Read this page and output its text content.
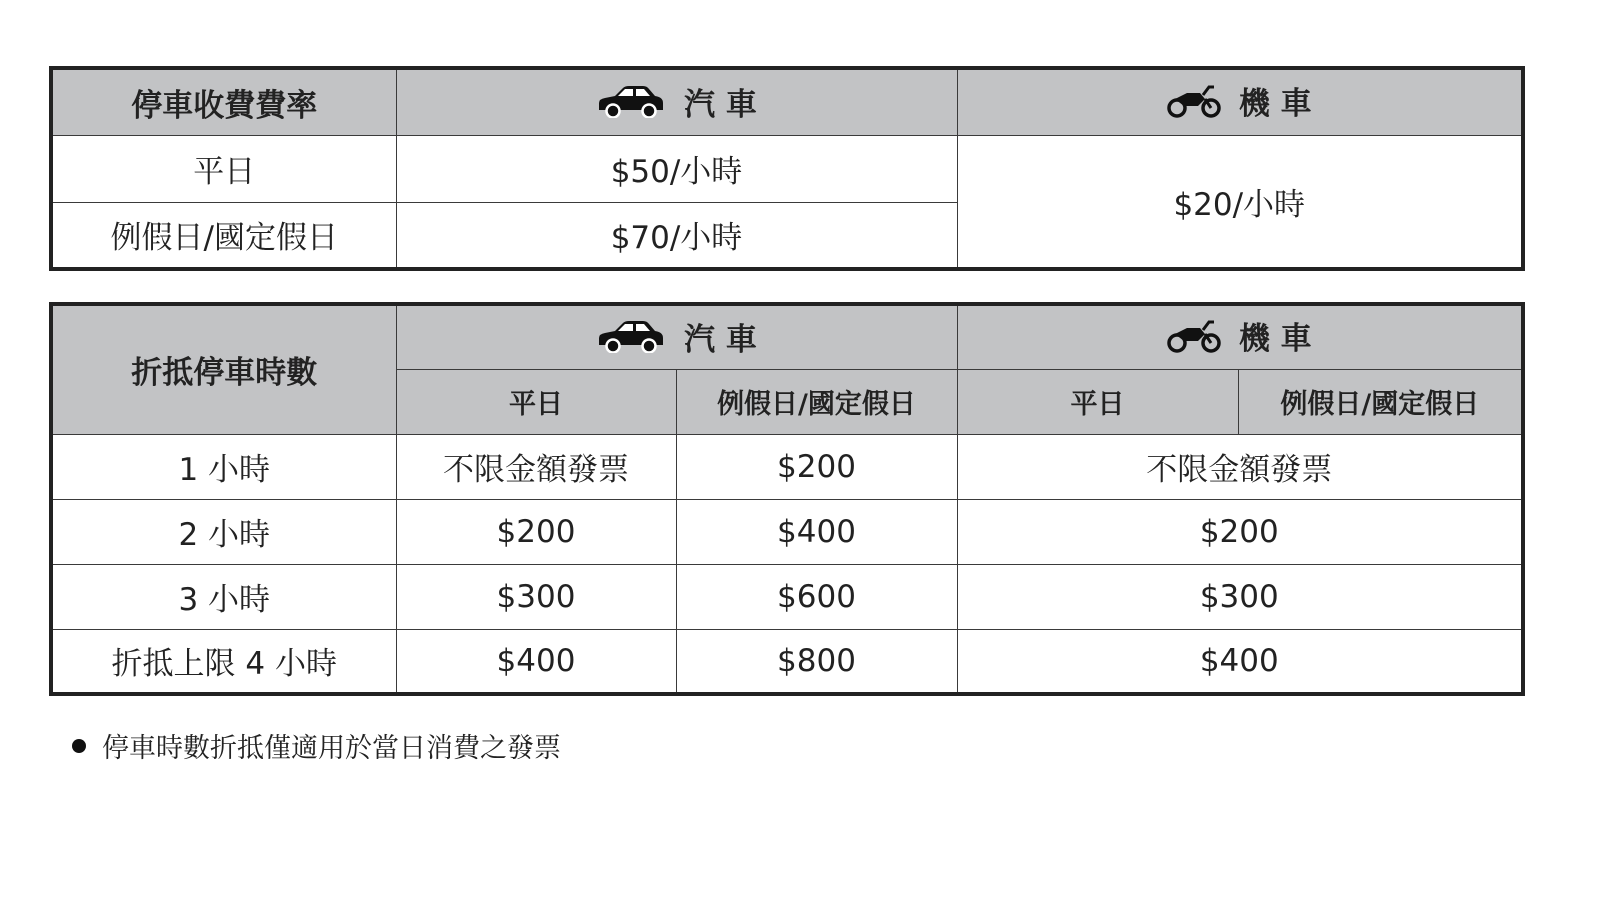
停車收費費率	汽 車	機 車

平日	$50/小時	$20/小時
例假日/國定假日	$70/小時	
折抵停車時數	汽 車		機 車	

	平日	例假日/國定假日	平日	例假日/國定假日
1 小時	不限金額發票	$200	不限金額發票	
2 小時	$200	$400	$200	
3 小時	$300	$600	$300	
折抵上限 4 小時	$400	$800	$400	
停車時數折抵僅適用於當日消費之發票
